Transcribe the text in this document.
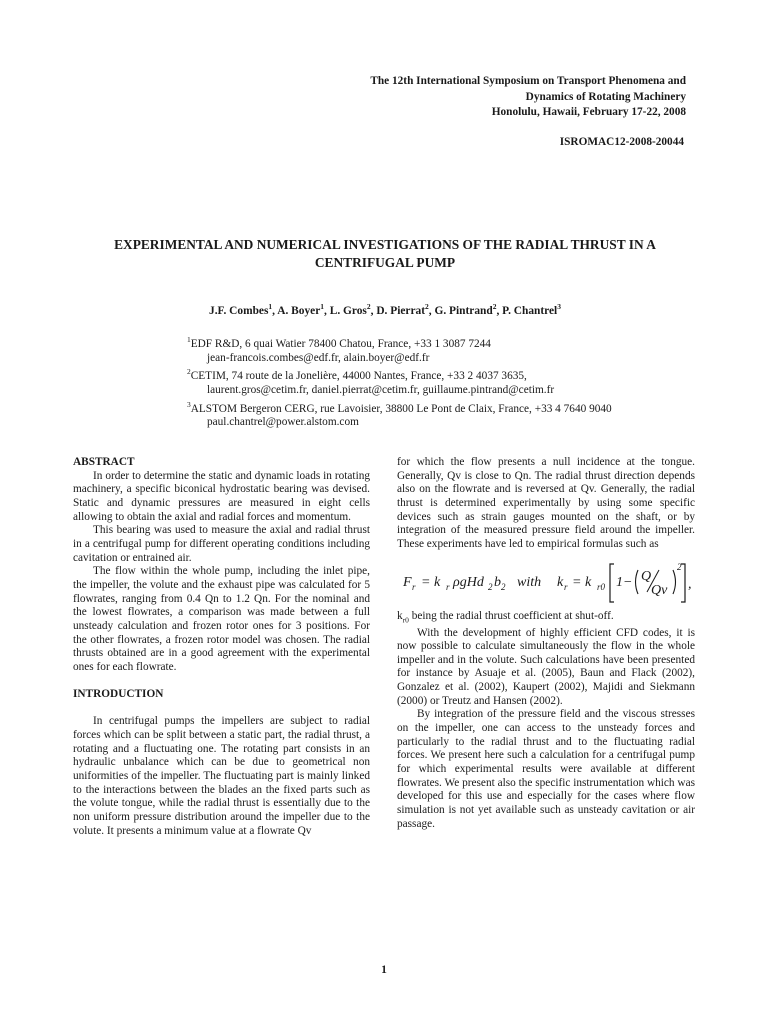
The 12th International Symposium on Transport Phenomena and
Dynamics of Rotating Machinery
Honolulu, Hawaii, February 17-22, 2008
ISROMAC12-2008-20044
EXPERIMENTAL AND NUMERICAL INVESTIGATIONS OF THE RADIAL THRUST IN A
CENTRIFUGAL PUMP
J.F. Combes$^1$, A. Boyer$^1$, L. Gros$^2$, D. Pierrat$^2$, G. Pintrand$^2$, P. Chantrel$^3$
$^1$EDF R&D, 6 quai Watier 78400 Chatou, France, +33 1 3087 7244
jean-francois.combes@edf.fr, alain.boyer@edf.fr
$^2$CETIM, 74 route de la Jonelière, 44000 Nantes, France, +33 2 4037 3635,
laurent.gros@cetim.fr, daniel.pierrat@cetim.fr, guillaume.pintrand@cetim.fr
$^3$ALSTOM Bergeron CERG, rue Lavoisier, 38800 Le Pont de Claix, France, +33 4 7640 9040
paul.chantrel@power.alstom.com

ABSTRACT

In order to determine the static and dynamic loads in rotating machinery, a specific biconical hydrostatic bearing was devised. Static and dynamic pressures are measured in eight cells allowing to obtain the axial and radial forces and momentum.

This bearing was used to measure the axial and radial thrust in a centrifugal pump for different operating conditions including cavitation or entrained air.

The flow within the whole pump, including the inlet pipe, the impeller, the volute and the exhaust pipe was calculated for 5 flowrates, ranging from 0.4 Qn to 1.2 Qn. For the nominal and the lowest flowrates, a comparison was made between a full unsteady calculation and frozen rotor ones for 3 positions. For the other flowrates, a frozen rotor model was chosen. The radial thrusts obtained are in a good agreement with the experimental ones for each flowrate.

INTRODUCTION

In centrifugal pumps the impellers are subject to radial forces which can be split between a static part, the radial thrust, a rotating and a fluctuating one. The rotating part consists in an hydraulic unbalance which can be due to geometrical non uniformities of the impeller. The fluctuating part is mainly linked to the interactions between the blades an the fixed parts such as the volute tongue, while the radial thrust is essentially due to the non uniform pressure distribution around the impeller due to the volute. It presents a minimum value at a flowrate Qv

for which the flow presents a null incidence at the tongue. Generally, Qv is close to Qn. The radial thrust direction depends also on the flowrate and is reversed at Qv. Generally, the radial thrust is determined experimentally by using some specific devices such as strain gauges mounted on the shaft, or by integration of the measured pressure field around the impeller. These experiments have led to empirical formulas such as

F r = k r ρgHd 2 b 2 with k r = k r0 1− Q
Qv
2
,

$k_{r0}$ being the radial thrust coefficient at shut-off.

With the development of highly efficient CFD codes, it is now possible to calculate simultaneously the flow in the whole impeller and in the volute. Such calculations have been presented for instance by Asuaje et al. (2005), Baun and Flack (2002), Gonzalez et al. (2002), Kaupert (2002), Majidi and Siekmann (2000) or Treutz and Hansen (2002).

By integration of the pressure field and the viscous stresses on the impeller, one can access to the unsteady forces and particularly to the radial thrust and to the fluctuating radial forces. We present here such a calculation for a centrifugal pump for which experimental results were available at different flowrates. We present also the specific instrumentation which was developed for this use and especially for the cases where flow simulation is not yet available such as unsteady cavitation or air passage.

1
